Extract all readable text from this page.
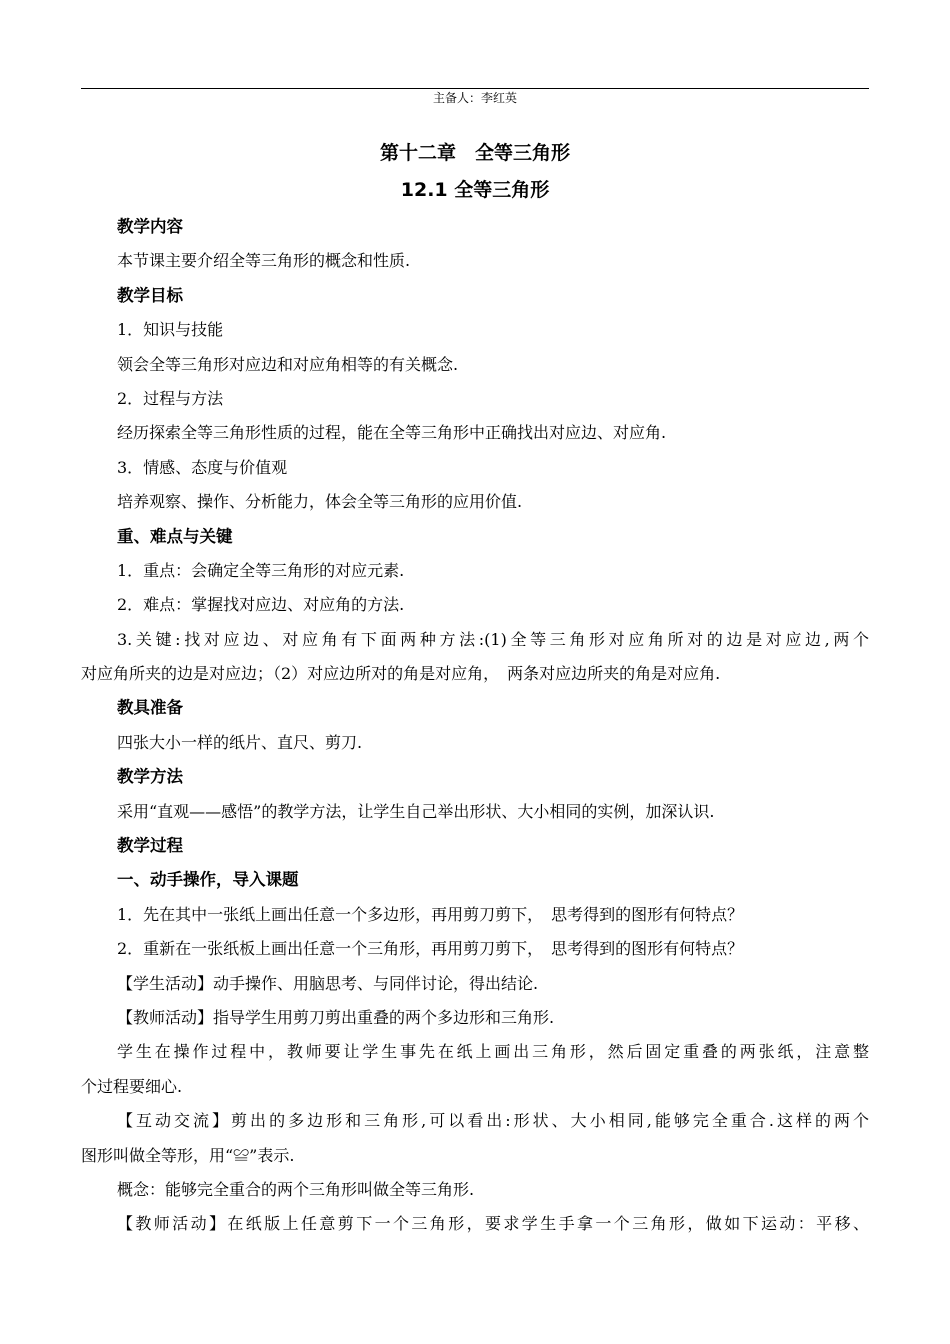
主备人：李红英
第十二章　全等三角形
12.1 全等三角形
教学内容
本节课主要介绍全等三角形的概念和性质.
教学目标
1．知识与技能
领会全等三角形对应边和对应角相等的有关概念.
2．过程与方法
经历探索全等三角形性质的过程，能在全等三角形中正确找出对应边、对应角.
3．情感、态度与价值观
培养观察、操作、分析能力，体会全等三角形的应用价值.
重、难点与关键
1．重点：会确定全等三角形的对应元素.
2．难点：掌握找对应边、对应角的方法.
3.关键:找对应边、对应角有下面两种方法:(1)全等三角形对应角所对的边是对应边,两个
对应角所夹的边是对应边；（2）对应边所对的角是对应角，　两条对应边所夹的角是对应角.
教具准备
四张大小一样的纸片、直尺、剪刀.
教学方法
采用“直观——感悟”的教学方法，让学生自己举出形状、大小相同的实例，加深认识.
教学过程
一、动手操作，导入课题
1．先在其中一张纸上画出任意一个多边形，再用剪刀剪下，　思考得到的图形有何特点？
2．重新在一张纸板上画出任意一个三角形，再用剪刀剪下，　思考得到的图形有何特点？
【学生活动】动手操作、用脑思考、与同伴讨论，得出结论.
【教师活动】指导学生用剪刀剪出重叠的两个多边形和三角形.
学生在操作过程中，教师要让学生事先在纸上画出三角形，然后固定重叠的两张纸，注意整
个过程要细心.
【互动交流】剪出的多边形和三角形,可以看出:形状、大小相同,能够完全重合.这样的两个
图形叫做全等形，用“≌”表示.
概念：能够完全重合的两个三角形叫做全等三角形.
【教师活动】在纸版上任意剪下一个三角形，要求学生手拿一个三角形，做如下运动：平移、
